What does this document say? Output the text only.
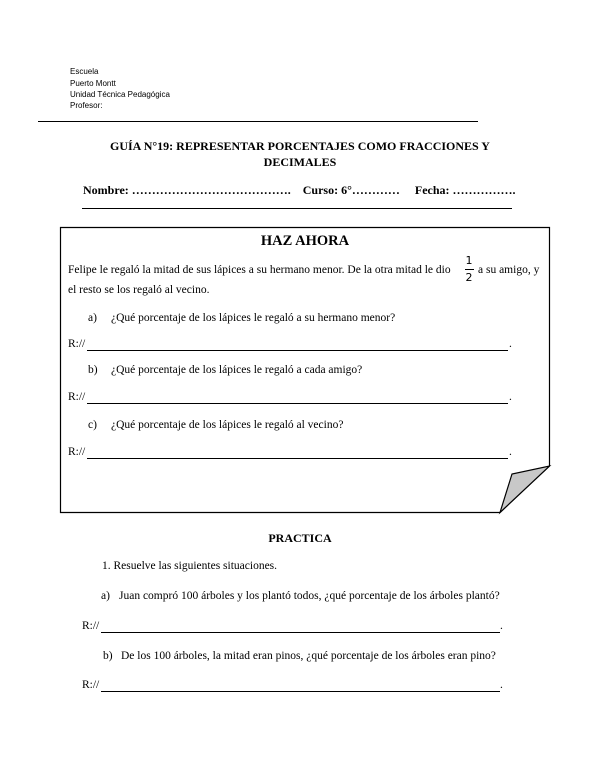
Escuela
Puerto Montt
Unidad Técnica Pedagógica
Profesor:
GUÍA N°19: REPRESENTAR PORCENTAJES COMO FRACCIONES Y
DECIMALES
Nombre: ………………………………….    Curso: 6°…………     Fecha: …………….
HAZ AHORA
Felipe le regaló la mitad de sus lápices a su hermano menor. De la otra mitad le dio
1
2
a su amigo, y
el resto se los regaló al vecino.
a) ¿Qué porcentaje de los lápices le regaló a su hermano menor?
R://	.
b) ¿Qué porcentaje de los lápices le regaló a cada amigo?
R://	.
c) ¿Qué porcentaje de los lápices le regaló al vecino?
R://	.
PRACTICA
1. Resuelve las siguientes situaciones.
a) Juan compró 100 árboles y los plantó todos, ¿qué porcentaje de los árboles plantó?
R://	.
b) De los 100 árboles, la mitad eran pinos, ¿qué porcentaje de los árboles eran pino?
R://	.
